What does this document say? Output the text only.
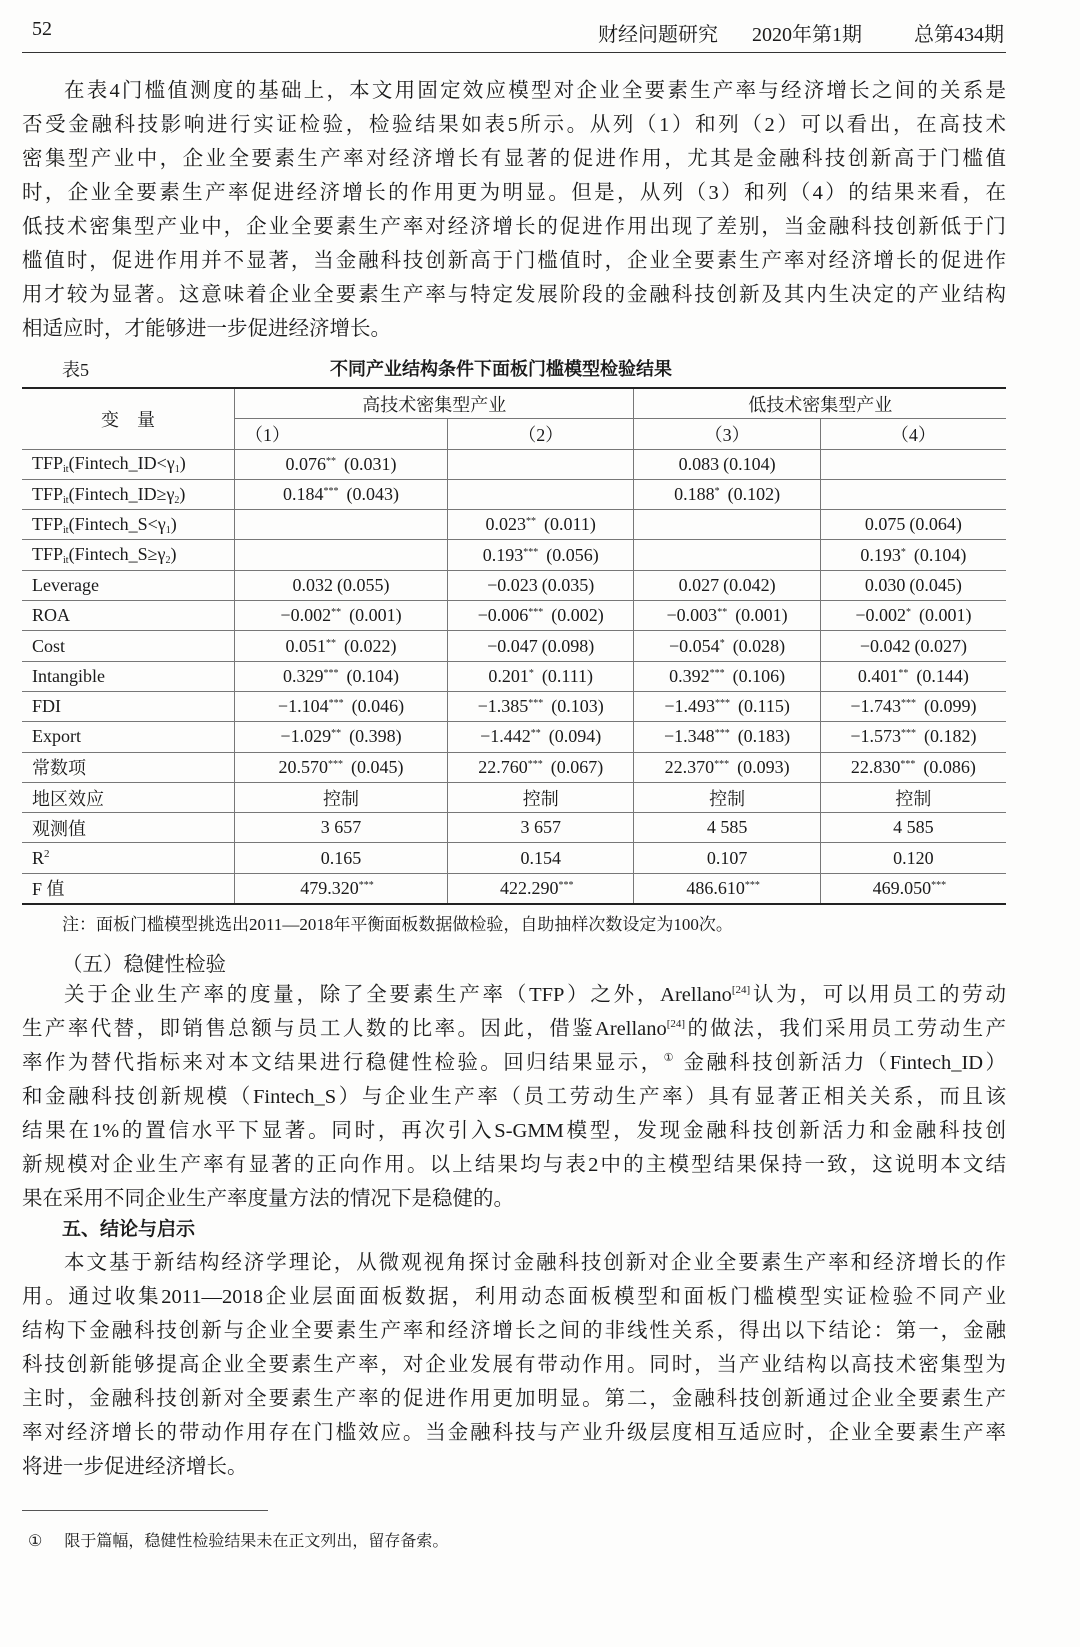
52	财经问题研究 2020年第1期	总第434期
在表4门槛值测度的基础上，本文用固定效应模型对企业全要素生产率与经济增长之间的关系是
否受金融科技影响进行实证检验，检验结果如表5所示。从列（1）和列（2）可以看出，在高技术
密集型产业中，企业全要素生产率对经济增长有显著的促进作用，尤其是金融科技创新高于门槛值
时，企业全要素生产率促进经济增长的作用更为明显。但是，从列（3）和列（4）的结果来看，在
低技术密集型产业中，企业全要素生产率对经济增长的促进作用出现了差别，当金融科技创新低于门
槛值时，促进作用并不显著，当金融科技创新高于门槛值时，企业全要素生产率对经济增长的促进作
用才较为显著。这意味着企业全要素生产率与特定发展阶段的金融科技创新及其内生决定的产业结构
相适应时，才能够进一步促进经济增长。
表5	不同产业结构条件下面板门槛模型检验结果
变　量	高技术密集型产业		低技术密集型产业	
	（1）	（2）	（3）	（4）
$TFP_{it}(Fintech\_ID<\gamma_1)$	0.076** (0.031)		0.083 (0.104)	
$TFP_{it}(Fintech\_ID\ge\gamma_2)$	0.184*** (0.043)		0.188* (0.102)	
$TFP_{it}(Fintech\_S<\gamma_1)$		0.023** (0.011)		0.075 (0.064)
$TFP_{it}(Fintech\_S\ge\gamma_2)$		0.193*** (0.056)		0.193* (0.104)
Leverage	0.032 (0.055)	−0.023 (0.035)	0.027 (0.042)	0.030 (0.045)
ROA	−0.002** (0.001)	−0.006*** (0.002)	−0.003** (0.001)	−0.002* (0.001)
Cost	0.051** (0.022)	−0.047 (0.098)	−0.054* (0.028)	−0.042 (0.027)
Intangible	0.329*** (0.104)	0.201* (0.111)	0.392*** (0.106)	0.401** (0.144)
FDI	−1.104*** (0.046)	−1.385*** (0.103)	−1.493*** (0.115)	−1.743*** (0.099)
Export	−1.029** (0.398)	−1.442** (0.094)	−1.348*** (0.183)	−1.573*** (0.182)
常数项	20.570*** (0.045)	22.760*** (0.067)	22.370*** (0.093)	22.830*** (0.086)
地区效应	控制	控制	控制	控制
观测值	3 657	3 657	4 585	4 585
$R^2$	0.165	0.154	0.107	0.120
F 值	479.320***	422.290***	486.610***	469.050***
注：面板门槛模型挑选出2011—2018年平衡面板数据做检验，自助抽样次数设定为100次。
（五）稳健性检验
关于企业生产率的度量，除了全要素生产率（TFP）之外，Arellano[24]认为，可以用员工的劳动
生产率代替，即销售总额与员工人数的比率。因此，借鉴Arellano[24]的做法，我们采用员工劳动生产
率作为替代指标来对本文结果进行稳健性检验。回归结果显示，① 金融科技创新活力（Fintech_ID）
和金融科技创新规模（Fintech_S）与企业生产率（员工劳动生产率）具有显著正相关关系，而且该
结果在1%的置信水平下显著。同时，再次引入S-GMM模型，发现金融科技创新活力和金融科技创
新规模对企业生产率有显著的正向作用。以上结果均与表2中的主模型结果保持一致，这说明本文结
果在采用不同企业生产率度量方法的情况下是稳健的。
五、结论与启示
本文基于新结构经济学理论，从微观视角探讨金融科技创新对企业全要素生产率和经济增长的作
用。通过收集2011—2018企业层面面板数据，利用动态面板模型和面板门槛模型实证检验不同产业
结构下金融科技创新与企业全要素生产率和经济增长之间的非线性关系，得出以下结论：第一，金融
科技创新能够提高企业全要素生产率，对企业发展有带动作用。同时，当产业结构以高技术密集型为
主时，金融科技创新对全要素生产率的促进作用更加明显。第二，金融科技创新通过企业全要素生产
率对经济增长的带动作用存在门槛效应。当金融科技与产业升级层度相互适应时，企业全要素生产率
将进一步促进经济增长。
① 限于篇幅，稳健性检验结果未在正文列出，留存备索。
